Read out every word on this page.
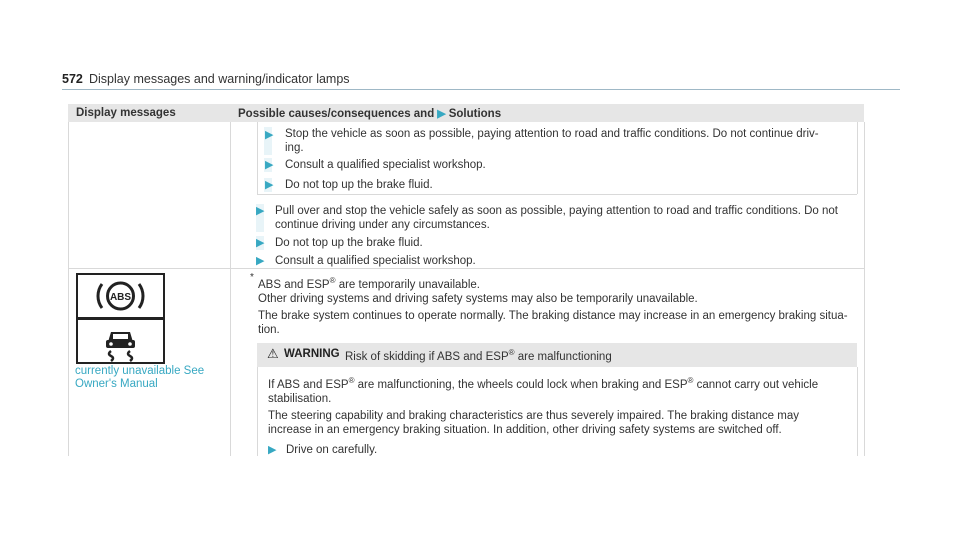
572 Display messages and warning/indicator lamps
Display messages	Possible causes/consequences and ▶ Solutions
▶ Stop the vehicle as soon as possible, paying attention to road and traffic conditions. Do not continue driv-
ing.
▶ Consult a qualified specialist workshop.
▶ Do not top up the brake fluid.
▶ Pull over and stop the vehicle safely as soon as possible, paying attention to road and traffic conditions. Do not
continue driving under any circumstances.
▶ Do not top up the brake fluid.
▶ Consult a qualified specialist workshop.
ABS
currently unavailable See
Owner's Manual
*
ABS and ESP® are temporarily unavailable.
Other driving systems and driving safety systems may also be temporarily unavailable.
The brake system continues to operate normally. The braking distance may increase in an emergency braking situa-
tion.
⚠ WARNING Risk of skidding if ABS and ESP® are malfunctioning
If ABS and ESP® are malfunctioning, the wheels could lock when braking and ESP® cannot carry out vehicle
stabilisation.
The steering capability and braking characteristics are thus severely impaired. The braking distance may
increase in an emergency braking situation. In addition, other driving safety systems are switched off.
▶ Drive on carefully.
